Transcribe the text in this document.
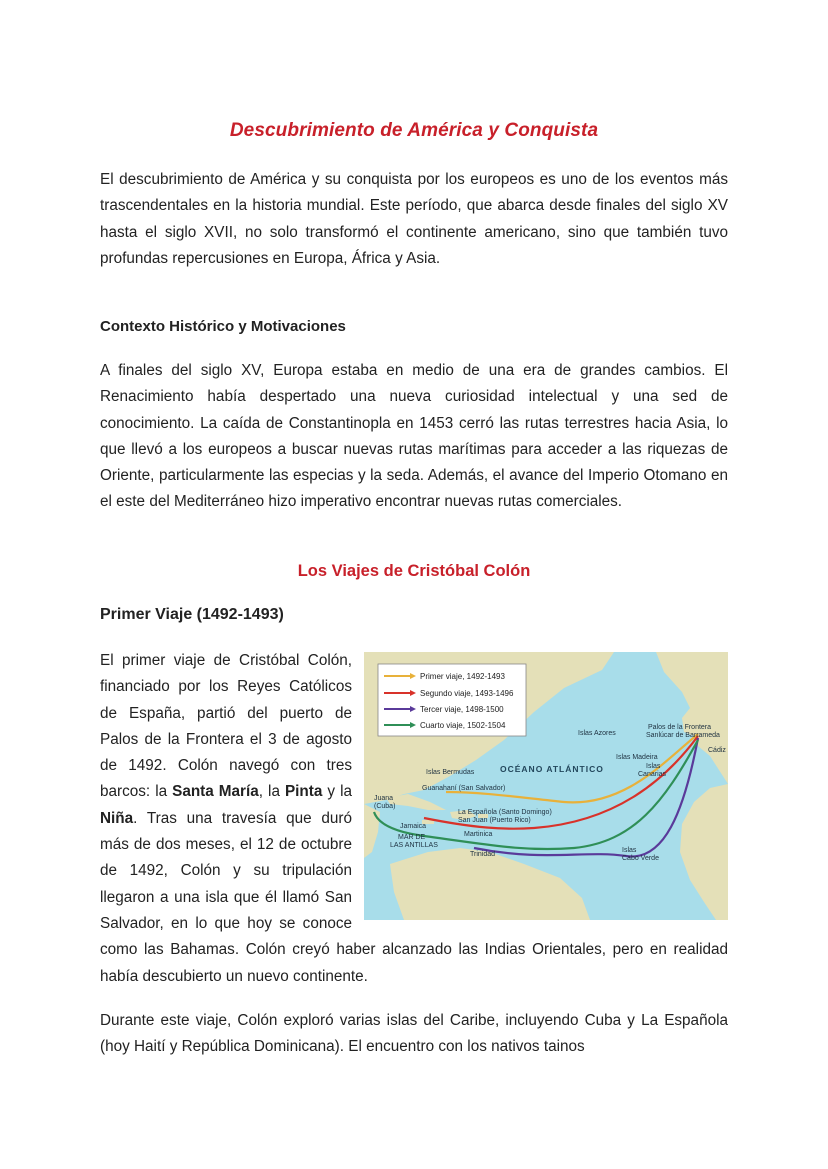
Descubrimiento de América y Conquista

El descubrimiento de América y su conquista por los europeos es uno de los eventos más trascendentales en la historia mundial. Este período, que abarca desde finales del siglo XV hasta el siglo XVII, no solo transformó el continente americano, sino que también tuvo profundas repercusiones en Europa, África y Asia.

Contexto Histórico y Motivaciones

A finales del siglo XV, Europa estaba en medio de una era de grandes cambios. El Renacimiento había despertado una nueva curiosidad intelectual y una sed de conocimiento. La caída de Constantinopla en 1453 cerró las rutas terrestres hacia Asia, lo que llevó a los europeos a buscar nuevas rutas marítimas para acceder a las riquezas de Oriente, particularmente las especias y la seda. Además, el avance del Imperio Otomano en el este del Mediterráneo hizo imperativo encontrar nuevas rutas comerciales.

Los Viajes de Cristóbal Colón
Primer Viaje (1492-1493)
Primer viaje, 1492-1493
Segundo viaje, 1493-1496
Tercer viaje, 1498-1500
Cuarto viaje, 1502-1504
OCÉANO ATLÁNTICO
Islas Azores
Palos de la Frontera
Sanlúcar de Barrameda
Cádiz
Islas Madeira
Islas
Canarias
Islas Bermudas
Guanahaní (San Salvador)
Juana
(Cuba)
La Española (Santo Domingo)
San Juan (Puerto Rico)
Martinica
Jamaica
MAR DE
LAS ANTILLAS
Trinidad
Islas
Cabo Verde
El primer viaje de Cristóbal Colón, financiado por los Reyes Católicos de España, partió del puerto de Palos de la Frontera el 3 de agosto de 1492. Colón navegó con tres barcos: la Santa María, la Pinta y la Niña. Tras una travesía que duró más de dos meses, el 12 de octubre de 1492, Colón y su tripulación llegaron a una isla que él llamó San Salvador, en lo que hoy se conoce como las Bahamas. Colón creyó haber alcanzado las Indias Orientales, pero en realidad había descubierto un nuevo continente.

Durante este viaje, Colón exploró varias islas del Caribe, incluyendo Cuba y La Española (hoy Haití y República Dominicana). El encuentro con los nativos tainos
